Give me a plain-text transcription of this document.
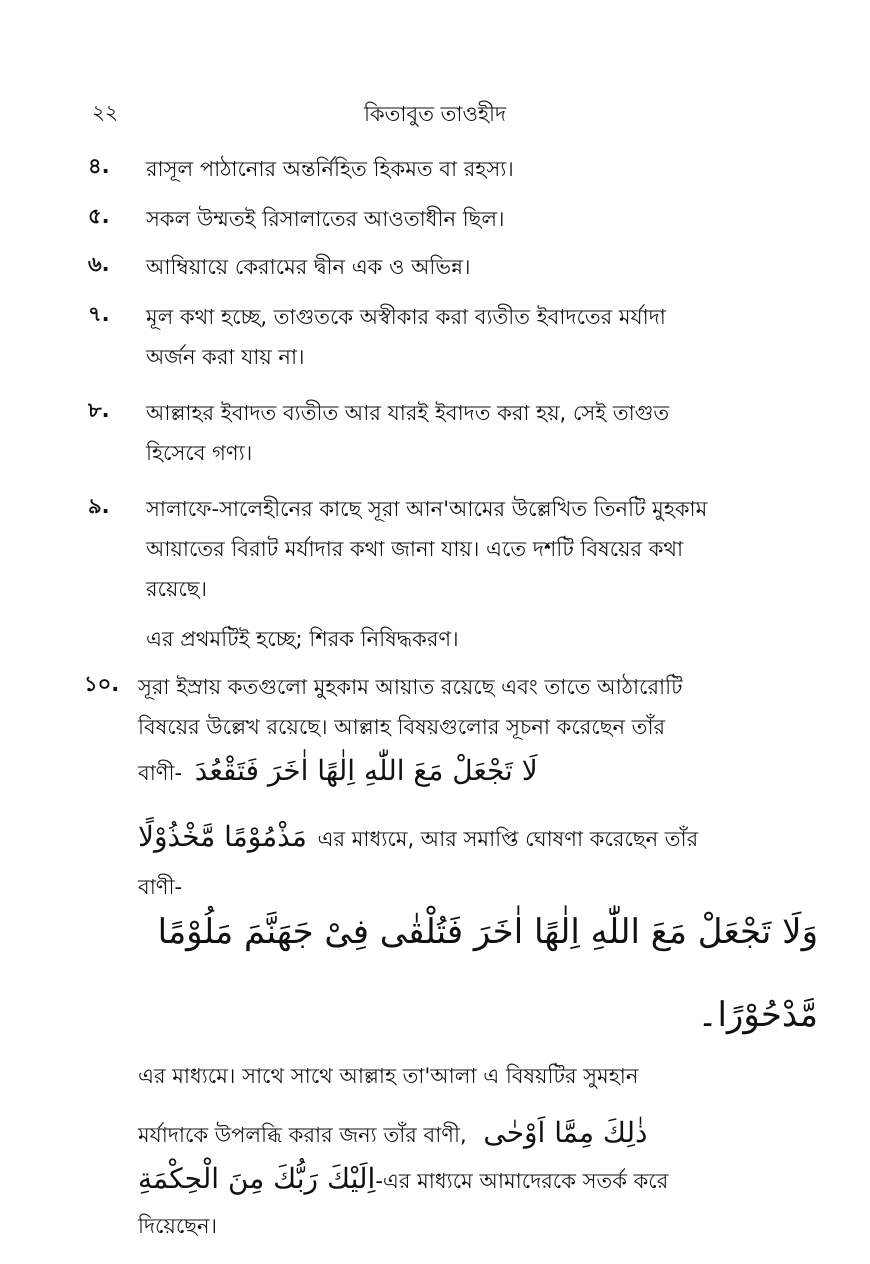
২২	কিতাবুত তাওহীদ
৪. রাসূল পাঠানোর অন্তর্নিহিত হিকমত বা রহস্য।
৫. সকল উম্মতই রিসালাতের আওতাধীন ছিল।
৬. আম্বিয়ায়ে কেরামের দ্বীন এক ও অভিন্ন।
৭. মূল কথা হচ্ছে, তাগুতকে অস্বীকার করা ব্যতীত ইবাদতের মর্যাদা
অর্জন করা যায় না।
৮. আল্লাহর ইবাদত ব্যতীত আর যারই ইবাদত করা হয়, সেই তাগুত
হিসেবে গণ্য।
৯. সালাফে-সালেহীনের কাছে সূরা আন'আমের উল্লেখিত তিনটি মুহকাম
আয়াতের বিরাট মর্যাদার কথা জানা যায়। এতে দশটি বিষয়ের কথা
রয়েছে।
এর প্রথমটিই হচ্ছে; শিরক নিষিদ্ধকরণ।
১০. সূরা ইস্রায় কতগুলো মুহকাম আয়াত রয়েছে এবং তাতে আঠারোটি
বিষয়ের উল্লেখ রয়েছে। আল্লাহ বিষয়গুলোর সূচনা করেছেন তাঁর
বাণী- لَا تَجْعَلْ مَعَ اللّٰهِ اِلٰهًا اٰخَرَ فَتَقْعُدَ
مَذْمُوْمًا مَّخْذُوْلًا এর মাধ্যমে, আর সমাপ্তি ঘোষণা করেছেন তাঁর
বাণী-
وَلَا تَجْعَلْ مَعَ اللّٰهِ اِلٰهًا اٰخَرَ فَتُلْقٰى فِىْ جَهَنَّمَ مَلُوْمًا
مَّدْحُوْرًا۔
এর মাধ্যমে। সাথে সাথে আল্লাহ তা'আলা এ বিষয়টির সুমহান
মর্যাদাকে উপলব্ধি করার জন্য তাঁর বাণী, ذٰلِكَ مِمَّا اَوْحٰى
اِلَيْكَ رَبُّكَ مِنَ الْحِكْمَةِ-এর মাধ্যমে আমাদেরকে সতর্ক করে
দিয়েছেন।
